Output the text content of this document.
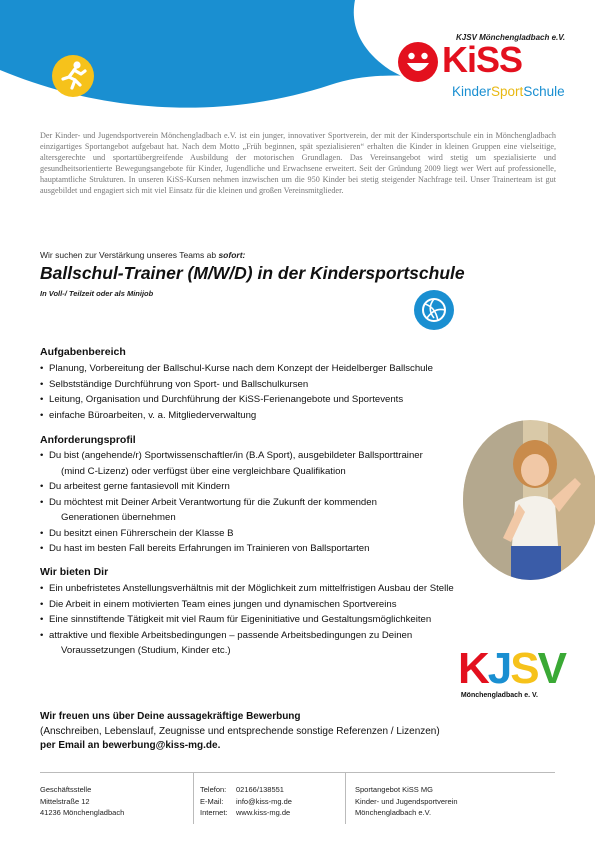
KJSV Mönchengladbach e.V.
KiSS
KinderSportSchule

Der Kinder- und Jugendsportverein Mönchengladbach e.V. ist ein junger, innovativer Sportverein, der mit der Kindersportschule ein in Mönchengladbach einzigartiges Sportangebot aufgebaut hat. Nach dem Motto „Früh beginnen, spät spezialisieren“ erhalten die Kinder in kleinen Gruppen eine vielseitige, altersgerechte und sportartübergreifende Ausbildung der motorischen Grundlagen. Das Vereinsangebot wird stetig um spezialisierte und gesundheitsorientierte Bewegungsangebote für Kinder, Jugendliche und Erwachsene erweitert. Seit der Gründung 2009 liegt wer Wert auf professionelle, hauptamtliche Strukturen. In unseren KiSS-Kursen nehmen inzwischen um die 950 Kinder bei stetig steigender Nachfrage teil. Unser Trainerteam ist gut ausgebildet und engagiert sich mit viel Einsatz für die kleinen und großen Vereinsmitglieder.

Wir suchen zur Verstärkung unseres Teams ab sofort:
Ballschul-Trainer (M/W/D) in der Kindersportschule
In Voll-/ Teilzeit oder als Minijob
Aufgabenbereich
• Planung, Vorbereitung der Ballschul-Kurse nach dem Konzept der Heidelberger Ballschule
• Selbstständige Durchführung von Sport- und Ballschulkursen
• Leitung, Organisation und Durchführung der KiSS-Ferienangebote und Sportevents
• einfache Büroarbeiten, v. a. Mitgliederverwaltung
Anforderungsprofil
• Du bist (angehende/r) Sportwissenschaftler/in (B.A Sport), ausgebildeter Ballsporttrainer
(mind C-Lizenz) oder verfügst über eine vergleichbare Qualifikation
• Du arbeitest gerne fantasievoll mit Kindern
• Du möchtest mit Deiner Arbeit Verantwortung für die Zukunft der kommenden
Generationen übernehmen
• Du besitzt einen Führerschein der Klasse B
• Du hast im besten Fall bereits Erfahrungen im Trainieren von Ballsportarten
Wir bieten Dir
• Ein unbefristetes Anstellungsverhältnis mit der Möglichkeit zum mittelfristigen Ausbau der Stelle
• Die Arbeit in einem motivierten Team eines jungen und dynamischen Sportvereins
• Eine sinnstiftende Tätigkeit mit viel Raum für Eigeninitiative und Gestaltungsmöglichkeiten
• attraktive und flexible Arbeitsbedingungen – passende Arbeitsbedingungen zu Deinen
Voraussetzungen (Studium, Kinder etc.)	KJSV
Mönchengladbach e. V.
Wir freuen uns über Deine aussagekräftige Bewerbung
(Anschreiben, Lebenslauf, Zeugnisse und entsprechende sonstige Referenzen / Lizenzen)
per Email an bewerbung@kiss-mg.de.
Geschäftsstelle
Mittelstraße 12
41236 Mönchengladbach
Telefon: 02166/138551
E-Mail: info@kiss-mg.de
Internet: www.kiss-mg.de
Sportangebot KiSS MG
Kinder- und Jugendsportverein
Mönchengladbach e.V.
